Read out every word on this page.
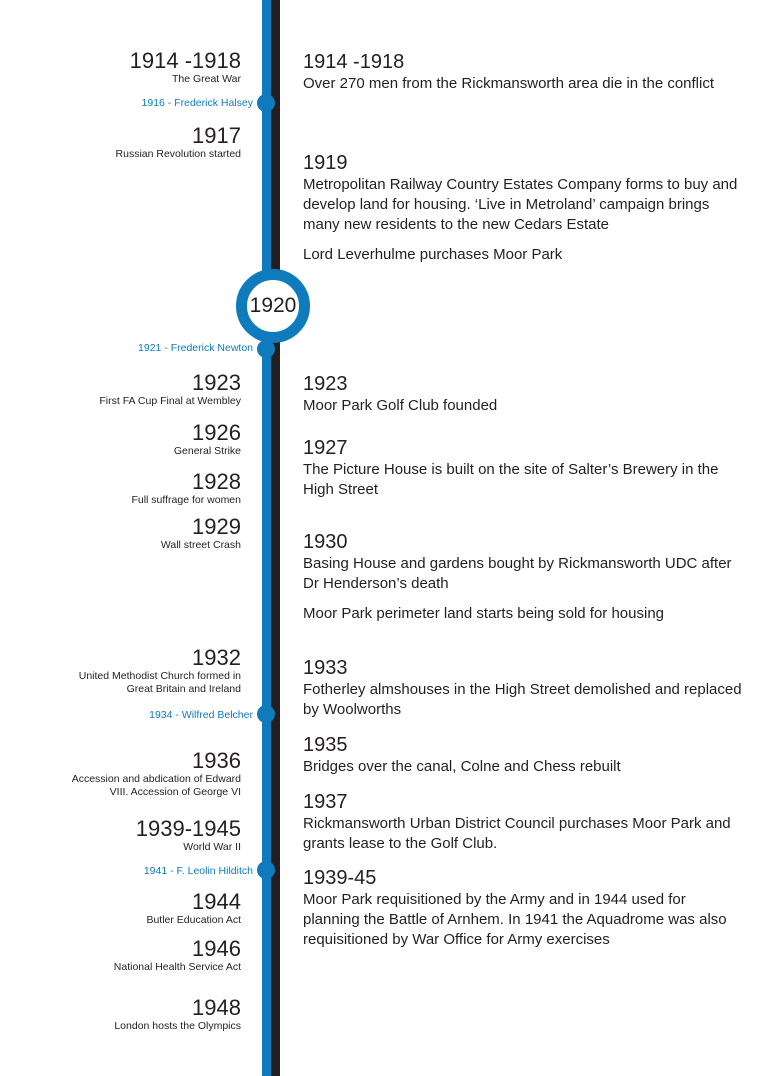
1920
1916 - Frederick Halsey
1921 - Frederick Newton
1934 - Wilfred Belcher
1941 - F. Leolin Hilditch
1914 -1918
The Great War
1917
Russian Revolution started
1923
First FA Cup Final at Wembley
1926
General Strike
1928
Full suffrage for women
1929
Wall street Crash
1932
United Methodist Church formed in
Great Britain and Ireland
1936
Accession and abdication of Edward
VIII. Accession of George VI
1939-1945
World War II
1944
Butler Education Act
1946
National Health Service Act
1948
London hosts the Olympics
1914 -1918
Over 270 men from the Rickmansworth area die in the conflict
1919
Metropolitan Railway Country Estates Company forms to buy and develop land for housing. ‘Live in Metroland’ campaign brings many new residents to the new Cedars Estate
Lord Leverhulme purchases Moor Park
1923
Moor Park Golf Club founded
1927
The Picture House is built on the site of Salter’s Brewery in the High Street
1930
Basing House and gardens bought by Rickmansworth UDC after Dr Henderson’s death
Moor Park perimeter land starts being sold for housing
1933
Fotherley almshouses in the High Street demolished and replaced by Woolworths
1935
Bridges over the canal, Colne and Chess rebuilt
1937
Rickmansworth Urban District Council purchases Moor Park and grants lease to the Golf Club.
1939-45
Moor Park requisitioned by the Army and in 1944 used for planning the Battle of Arnhem. In 1941 the Aquadrome was also requisitioned by War Office for Army exercises
